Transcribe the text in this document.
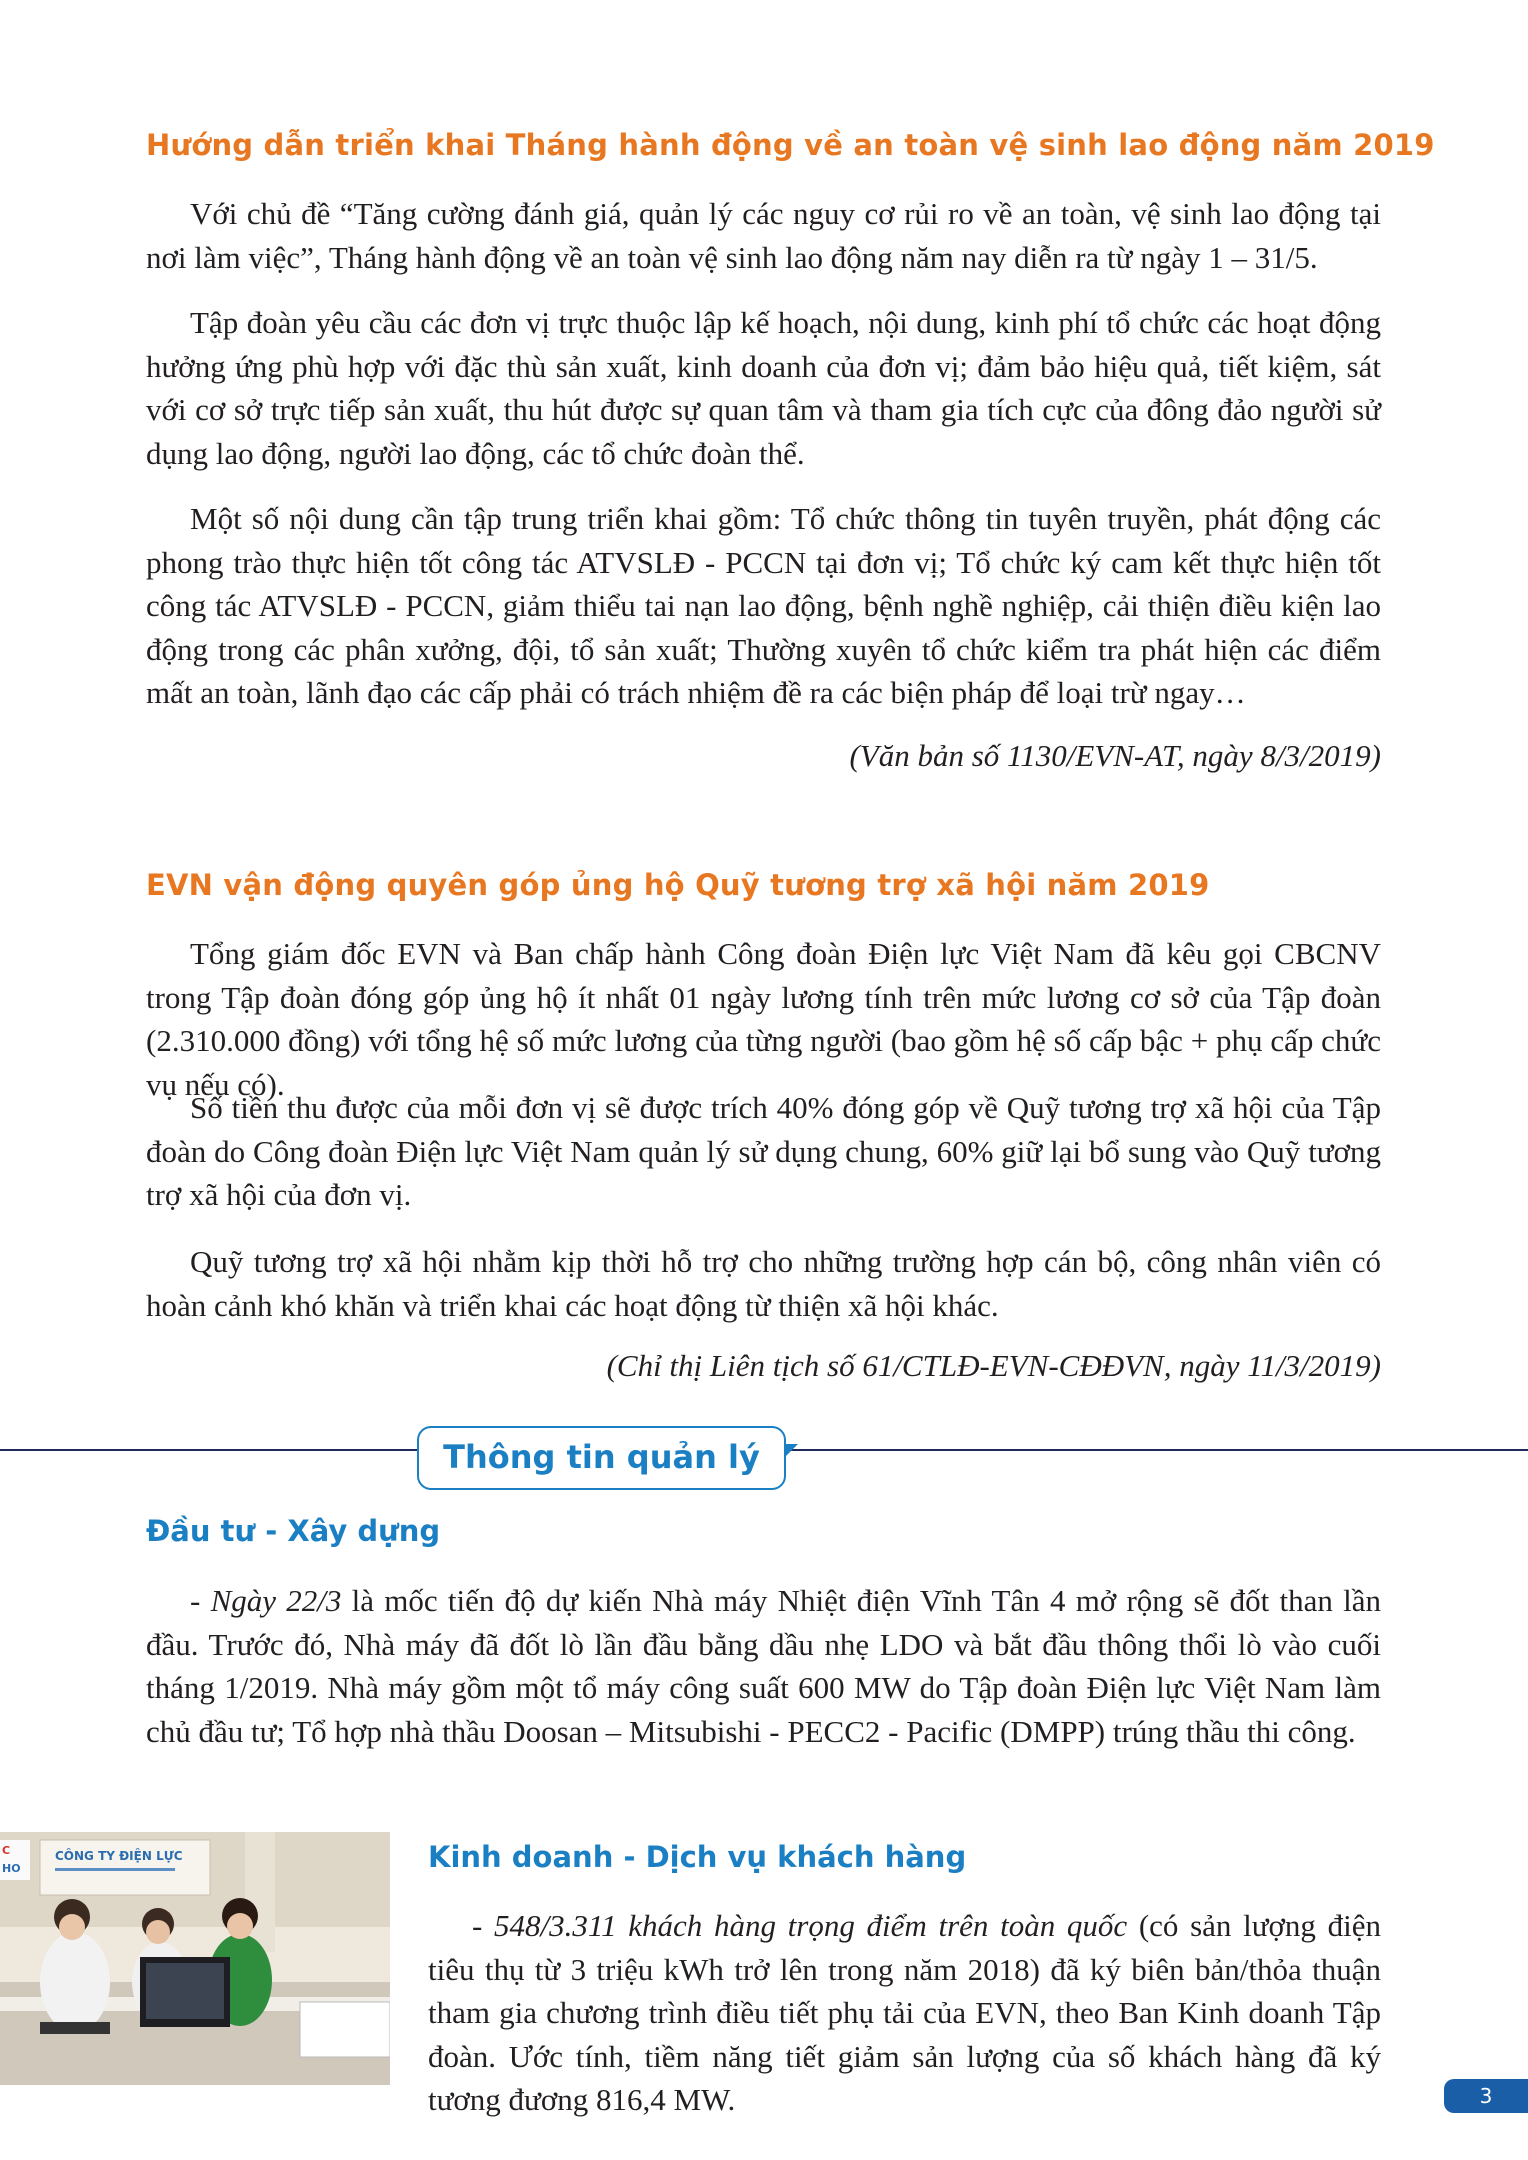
Hướng dẫn triển khai Tháng hành động về an toàn vệ sinh lao động năm 2019

Với chủ đề “Tăng cường đánh giá, quản lý các nguy cơ rủi ro về an toàn, vệ sinh lao động tại nơi làm việc”, Tháng hành động về an toàn vệ sinh lao động năm nay diễn ra từ ngày 1 – 31/5.

Tập đoàn yêu cầu các đơn vị trực thuộc lập kế hoạch, nội dung, kinh phí tổ chức các hoạt động hưởng ứng phù hợp với đặc thù sản xuất, kinh doanh của đơn vị; đảm bảo hiệu quả, tiết kiệm, sát với cơ sở trực tiếp sản xuất, thu hút được sự quan tâm và tham gia tích cực của đông đảo người sử dụng lao động, người lao động, các tổ chức đoàn thể.

Một số nội dung cần tập trung triển khai gồm: Tổ chức thông tin tuyên truyền, phát động các phong trào thực hiện tốt công tác ATVSLĐ - PCCN tại đơn vị; Tổ chức ký cam kết thực hiện tốt công tác ATVSLĐ - PCCN, giảm thiểu tai nạn lao động, bệnh nghề nghiệp, cải thiện điều kiện lao động trong các phân xưởng, đội, tổ sản xuất; Thường xuyên tổ chức kiểm tra phát hiện các điểm mất an toàn, lãnh đạo các cấp phải có trách nhiệm đề ra các biện pháp để loại trừ ngay…

(Văn bản số 1130/EVN-AT, ngày 8/3/2019)

EVN vận động quyên góp ủng hộ Quỹ tương trợ xã hội năm 2019

Tổng giám đốc EVN và Ban chấp hành Công đoàn Điện lực Việt Nam đã kêu gọi CBCNV trong Tập đoàn đóng góp ủng hộ ít nhất 01 ngày lương tính trên mức lương cơ sở của Tập đoàn (2.310.000 đồng) với tổng hệ số mức lương của từng người (bao gồm hệ số cấp bậc + phụ cấp chức vụ nếu có).

Số tiền thu được của mỗi đơn vị sẽ được trích 40% đóng góp về Quỹ tương trợ xã hội của Tập đoàn do Công đoàn Điện lực Việt Nam quản lý sử dụng chung, 60% giữ lại bổ sung vào Quỹ tương trợ xã hội của đơn vị.

Quỹ tương trợ xã hội nhằm kịp thời hỗ trợ cho những trường hợp cán bộ, công nhân viên có hoàn cảnh khó khăn và triển khai các hoạt động từ thiện xã hội khác.

(Chỉ thị Liên tịch số 61/CTLĐ-EVN-CĐĐVN, ngày 11/3/2019)

Thông tin quản lý
Đầu tư - Xây dựng

- Ngày 22/3 là mốc tiến độ dự kiến Nhà máy Nhiệt điện Vĩnh Tân 4 mở rộng sẽ đốt than lần đầu. Trước đó, Nhà máy đã đốt lò lần đầu bằng dầu nhẹ LDO và bắt đầu thông thổi lò vào cuối tháng 1/2019. Nhà máy gồm một tổ máy công suất 600 MW do Tập đoàn Điện lực Việt Nam làm chủ đầu tư; Tổ hợp nhà thầu Doosan – Mitsubishi - PECC2 - Pacific (DMPP) trúng thầu thi công.

CÔNG TY ĐIỆN LỰC
C
HO	Kinh doanh - Dịch vụ khách hàng

- 548/3.311 khách hàng trọng điểm trên toàn quốc (có sản lượng điện tiêu thụ từ 3 triệu kWh trở lên trong năm 2018) đã ký biên bản/thỏa thuận tham gia chương trình điều tiết phụ tải của EVN, theo Ban Kinh doanh Tập đoàn. Ước tính, tiềm năng tiết giảm sản lượng của số khách hàng đã ký tương đương 816,4 MW.	3
